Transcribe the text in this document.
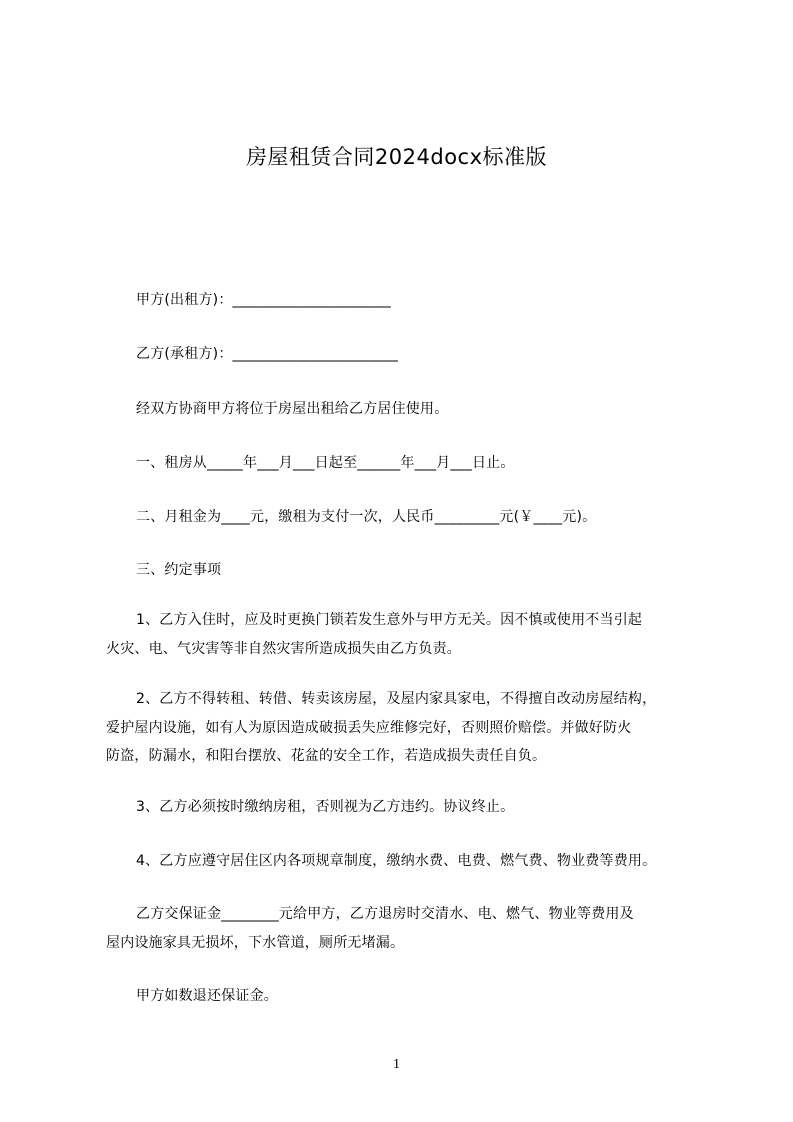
房屋租赁合同2024docx标准版
甲方(出租方)：______________________
乙方(承租方)：_______________________
经双方协商甲方将位于房屋出租给乙方居住使用。
一、租房从_____年___月___日起至______年___月___日止。
二、月租金为____元，缴租为支付一次，人民币_________元(￥____元)。
三、约定事项
1、乙方入住时，应及时更换门锁若发生意外与甲方无关。因不慎或使用不当引起
火灾、电、气灾害等非自然灾害所造成损失由乙方负责。
2、乙方不得转租、转借、转卖该房屋，及屋内家具家电，不得擅自改动房屋结构，
爱护屋内设施，如有人为原因造成破损丢失应维修完好，否则照价赔偿。并做好防火
防盗，防漏水，和阳台摆放、花盆的安全工作，若造成损失责任自负。
3、乙方必须按时缴纳房租，否则视为乙方违约。协议终止。
4、乙方应遵守居住区内各项规章制度，缴纳水费、电费、燃气费、物业费等费用。
乙方交保证金________元给甲方，乙方退房时交清水、电、燃气、物业等费用及
屋内设施家具无损坏，下水管道，厕所无堵漏。
甲方如数退还保证金。
1
